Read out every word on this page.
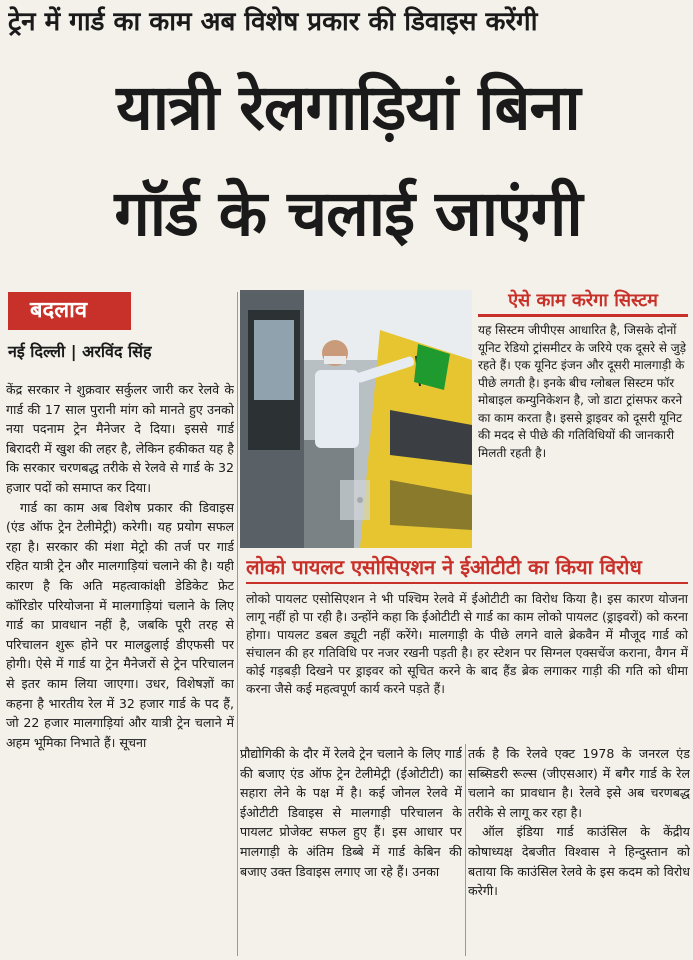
ट्रेन में गार्ड का काम अब विशेष प्रकार की डिवाइस करेंगी
यात्री रेलगाड़ियां बिना
गॉर्ड के चलाई जाएंगी
बदलाव
नई दिल्ली | अरविंद सिंह

केंद्र सरकार ने शुक्रवार सर्कुलर जारी कर रेलवे के गार्ड की 17 साल पुरानी मांग को मानते हुए उनको नया पदनाम ट्रेन मैनेजर दे दिया। इससे गार्ड बिरादरी में खुश की लहर है, लेकिन हकीकत यह है कि सरकार चरणबद्ध तरीके से रेलवे से गार्ड के 32 हजार पदों को समाप्त कर दिया।

गार्ड का काम अब विशेष प्रकार की डिवाइस (एंड ऑफ ट्रेन टेलीमेट्री) करेगी। यह प्रयोग सफल रहा है। सरकार की मंशा मेट्रो की तर्ज पर गार्ड रहित यात्री ट्रेन और मालगाड़ियां चलाने की है। यही कारण है कि अति महत्वाकांक्षी डेडिकेट फ्रेट कॉरिडोर परियोजना में मालगाड़ियां चलाने के लिए गार्ड का प्रावधान नहीं है, जबकि पूरी तरह से परिचालन शुरू होने पर मालढुलाई डीएफसी पर होगी। ऐसे में गार्ड या ट्रेन मैनेजरों से ट्रेन परिचालन से इतर काम लिया जाएगा। उधर, विशेषज्ञों का कहना है भारतीय रेल में 32 हजार गार्ड के पद हैं, जो 22 हजार मालगाड़ियां और यात्री ट्रेन चलाने में अहम भूमिका निभाते हैं। सूचना

ऐसे काम करेगा सिस्टम
यह सिस्टम जीपीएस आधारित है, जिसके दोनों यूनिट रेडियो ट्रांसमीटर के जरिये एक दूसरे से जुड़े रहते हैं। एक यूनिट इंजन और दूसरी मालगाड़ी के पीछे लगती है। इनके बीच ग्लोबल सिस्टम फॉर मोबाइल कम्युनिकेशन है, जो डाटा ट्रांसफर करने का काम करता है। इससे ड्राइवर को दूसरी यूनिट की मदद से पीछे की गतिविधियों की जानकारी मिलती रहती है।
लोको पायलट एसोसिएशन ने ईओटीटी का किया विरोध
लोको पायलट एसोसिएशन ने भी पश्चिम रेलवे में ईओटीटी का विरोध किया है। इस कारण योजना लागू नहीं हो पा रही है। उन्होंने कहा कि ईओटीटी से गार्ड का काम लोको पायलट (ड्राइवरों) को करना होगा। पायलट डबल ड्यूटी नहीं करेंगे। मालगाड़ी के पीछे लगने वाले ब्रेकवैन में मौजूद गार्ड को संचालन की हर गतिविधि पर नजर रखनी पड़ती है। हर स्टेशन पर सिग्नल एक्सचेंज कराना, वैगन में कोई गड़बड़ी दिखने पर ड्राइवर को सूचित करने के बाद हैंड ब्रेक लगाकर गाड़ी की गति को धीमा करना जैसे कई महत्वपूर्ण कार्य करने पड़ते हैं।
प्रौद्योगिकी के दौर में रेलवे ट्रेन चलाने के लिए गार्ड की बजाए एंड ऑफ ट्रेन टेलीमेट्री (ईओटीटी) का सहारा लेने के पक्ष में है। कई जोनल रेलवे में ईओटीटी डिवाइस से मालगाड़ी परिचालन के पायलट प्रोजेक्ट सफल हुए हैं। इस आधार पर मालगाड़ी के अंतिम डिब्बे में गार्ड केबिन की बजाए उक्त डिवाइस लगाए जा रहे हैं। उनका

तर्क है कि रेलवे एक्ट 1978 के जनरल एंड सब्सिडरी रूल्स (जीएसआर) में बगैर गार्ड के रेल चलाने का प्रावधान है। रेलवे इसे अब चरणबद्ध तरीके से लागू कर रहा है।

ऑल इंडिया गार्ड काउंसिल के केंद्रीय कोषाध्यक्ष देबजीत विश्वास ने हिन्दुस्तान को बताया कि काउंसिल रेलवे के इस कदम को विरोध करेगी।
